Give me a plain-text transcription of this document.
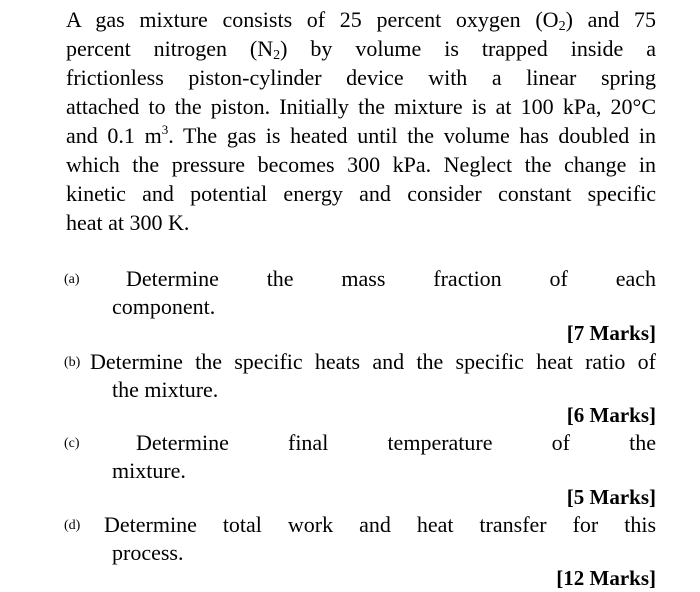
A gas mixture consists of 25 percent oxygen $(O_2)$ and 75
percent nitrogen $(N_2)$ by volume is trapped inside a
frictionless piston-cylinder device with a linear spring
attached to the piston. Initially the mixture is at 100 kPa, 20°C
and 0.1 $m^3$. The gas is heated until the volume has doubled in
which the pressure becomes 300 kPa. Neglect the change in
kinetic and potential energy and consider constant specific
heat at 300 K.
(a) Determine the mass fraction of each
component.
[7 Marks]
(b) Determine the specific heats and the specific heat ratio of
the mixture.
[6 Marks]
(c)	Determine final temperature of the
mixture.
[5 Marks]
(d) Determine total work and heat transfer for this
process.
[12 Marks]
